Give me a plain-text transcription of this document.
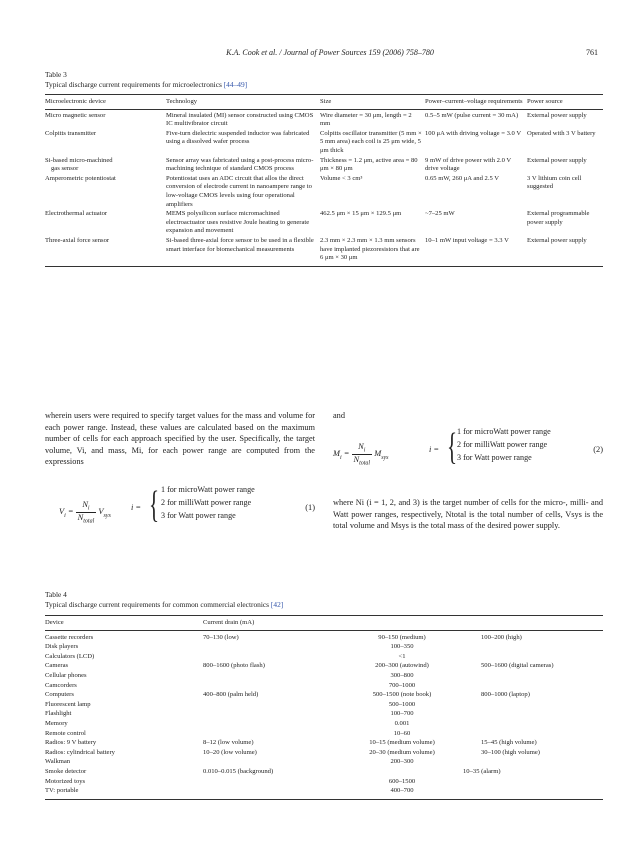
K.A. Cook et al. / Journal of Power Sources 159 (2006) 758–780	761
Table 3
Typical discharge current requirements for microelectronics [44–49]
Microelectronic device	Technology	Size	Power–current–voltage requirements	Power source
Micro magnetic sensor	Mineral insulated (MI) sensor constructed using CMOS IC multivibrator circuit	Wire diameter = 30 μm, length = 2 mm	0.5–5 mW (pulse current = 30 mA)	External power supply
Colpitts transmitter	Five-turn dielectric suspended inductor was fabricated using a dissolved wafer process	Colpitts oscillator transmitter (5 mm × 5 mm area) each coil is 25 μm wide, 5 μm thick	100 μA with driving voltage = 3.0 V	Operated with 3 V battery

Si-based micro-machined
gas sensor	Sensor array was fabricated using a post-process micro-machining technique of standard CMOS process	Thickness = 1.2 μm, active area = 80 μm × 80 μm	9 mW of drive power with 2.0 V drive voltage	External power supply
Amperometric potentiostat	Potentiostat uses an ADC circuit that allos the direct conversion of electrode current in nanoampere range to low-voltage CMOS levels using four operational amplifiers	Volume < 3 cm³	0.65 mW, 260 μA and 2.5 V	3 V lithium coin cell suggested
Electrothermal actuator	MEMS polysilicon surface micromachined electroactuator uses resistive Joule heating to generate expansion and movement	462.5 μm × 15 μm × 129.5 μm	~7–25 mW	External programmable power supply
Three-axial force sensor	Si-based three-axial force sensor to be used in a flexible smart interface for biomechanical measurements	2.3 mm × 2.3 mm × 1.3 mm sensors have implanted piezoresistors that are 6 μm × 30 μm	10–1 mW input voltage = 3.3 V	External power supply

wherein users were required to specify target values for the mass and volume for each power range. Instead, these values are calculated based on the maximum number of cells for each approach specified by the user. Specifically, the target volume, Vi, and mass, Mi, for each power range are computed from the expressions

$V_i = \frac{N_i}{N_{total}} V_{sys}$
i = { 1 for microWatt power range
2 for milliWatt power range
3 for Watt power range
(1)

and

$M_i = \frac{N_i}{N_{total}} M_{sys}$
i = { 1 for microWatt power range
2 for milliWatt power range
3 for Watt power range
(2)

where Ni (i = 1, 2, and 3) is the target number of cells for the micro-, milli- and Watt power ranges, respectively, Ntotal is the total number of cells, Vsys is the total volume and Msys is the total mass of the desired power supply.

Table 4
Typical discharge current requirements for common commercial electronics [42]
Device	Current drain (mA)		
Cassette recorders	70–130 (low)	90–150 (medium)	100–200 (high)
Disk players		100–350	
Calculators (LCD)		<1	
Cameras	800–1600 (photo flash)	200–300 (autowind)	500–1600 (digital cameras)
Cellular phones		300–800	
Camcorders		700–1000	
Computers	400–800 (palm held)	500–1500 (note book)	800–1000 (laptop)
Fluorescent lamp		500–1000	
Flashlight		100–700	
Memory		0.001	
Remote control		10–60	
Radios: 9 V battery	8–12 (low volume)	10–15 (medium volume)	15–45 (high volume)
Radios: cylindrical battery	10–20 (low volume)	20–30 (medium volume)	30–100 (high volume)
Walkman		200–300	
Smoke detector	0.010–0.015 (background)		10–35 (alarm)
Motorized toys		600–1500	
TV: portable		400–700	
